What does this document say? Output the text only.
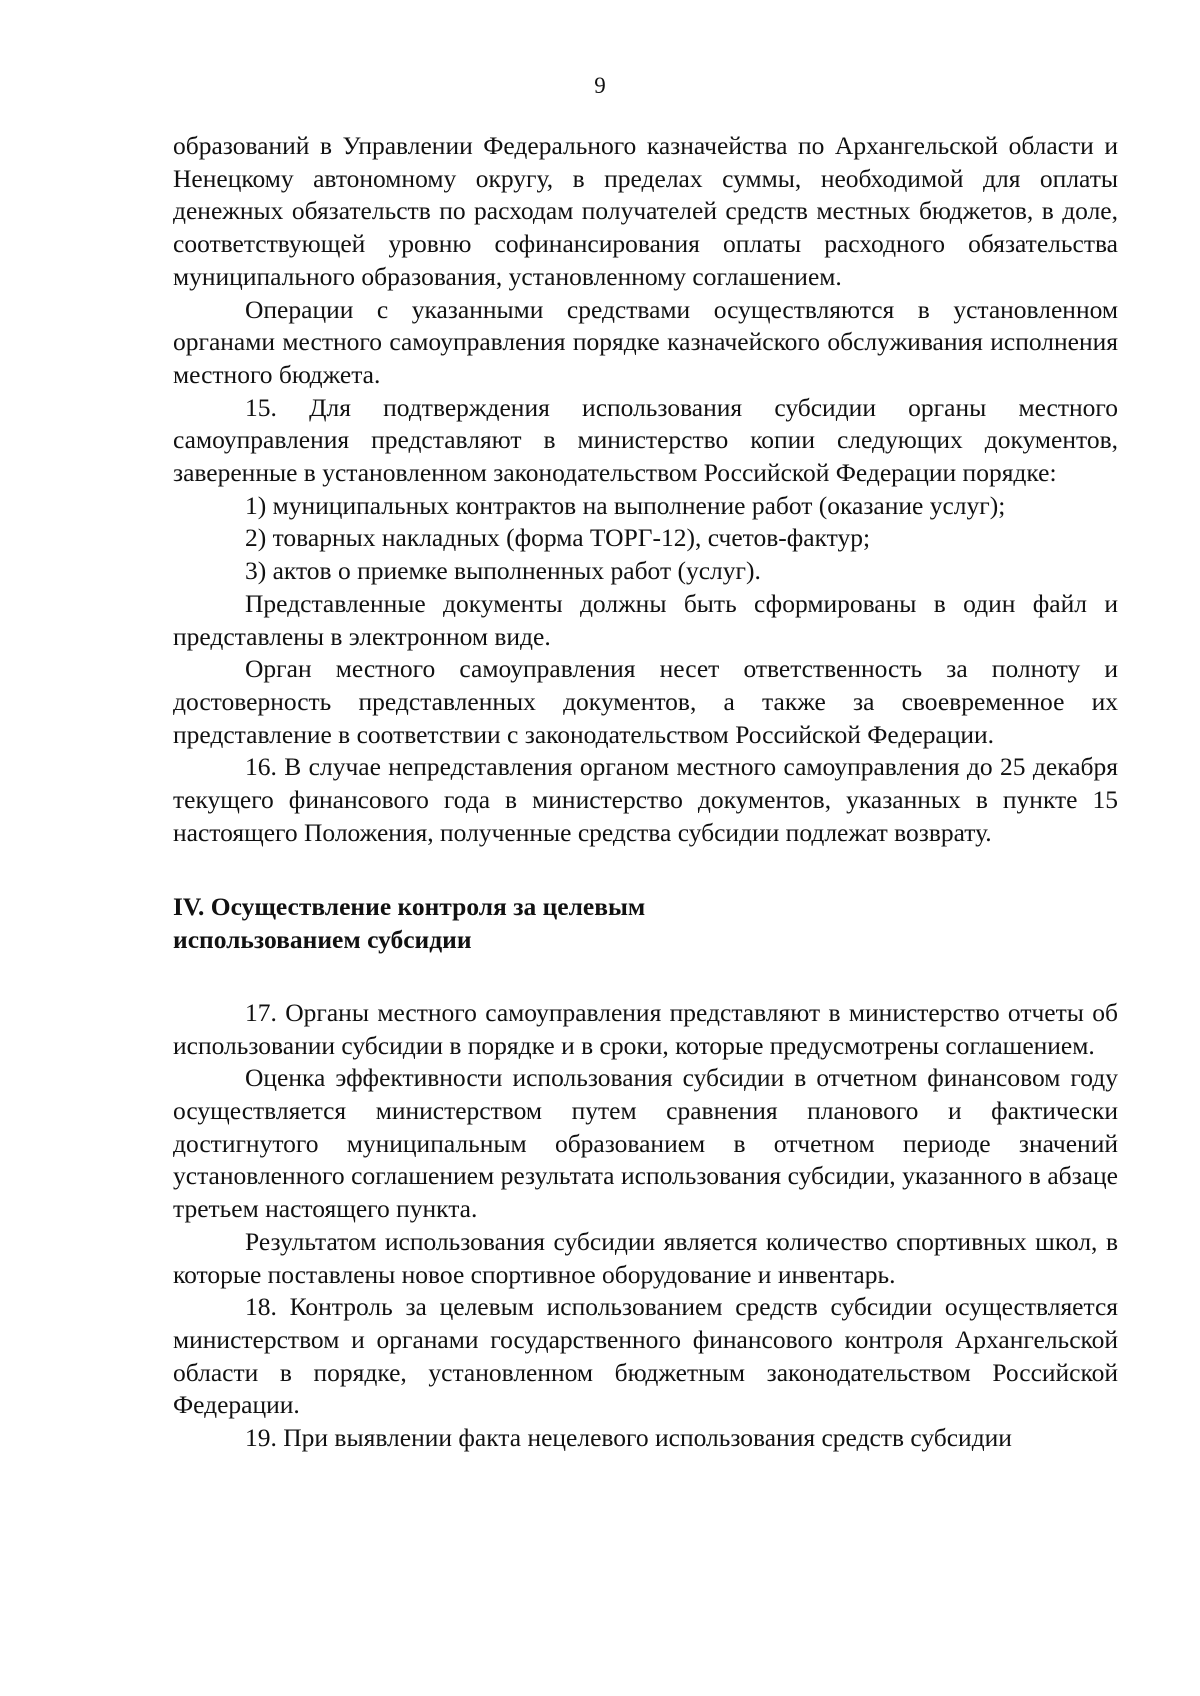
9

образований в Управлении Федерального казначейства по Архангельской области и Ненецкому автономному округу, в пределах суммы, необходимой для оплаты денежных обязательств по расходам получателей средств местных бюджетов, в доле, соответствующей уровню софинансирования оплаты расходного обязательства муниципального образования, установленному соглашением.

Операции с указанными средствами осуществляются в установленном органами местного самоуправления порядке казначейского обслуживания исполнения местного бюджета.

15. Для подтверждения использования субсидии органы местного самоуправления представляют в министерство копии следующих документов, заверенные в установленном законодательством Российской Федерации порядке:

1) муниципальных контрактов на выполнение работ (оказание услуг);

2) товарных накладных (форма ТОРГ-12), счетов-фактур;

3) актов о приемке выполненных работ (услуг).

Представленные документы должны быть сформированы в один файл и представлены в электронном виде.

Орган местного самоуправления несет ответственность за полноту и достоверность представленных документов, а также за своевременное их представление в соответствии с законодательством Российской Федерации.

16. В случае непредставления органом местного самоуправления до 25 декабря текущего финансового года в министерство документов, указанных в пункте 15 настоящего Положения, полученные средства субсидии подлежат возврату.

IV. Осуществление контроля за целевым
использованием субсидии

17. Органы местного самоуправления представляют в министерство отчеты об использовании субсидии в порядке и в сроки, которые предусмотрены соглашением.

Оценка эффективности использования субсидии в отчетном финансовом году осуществляется министерством путем сравнения планового и фактически достигнутого муниципальным образованием в отчетном периоде значений установленного соглашением результата использования субсидии, указанного в абзаце третьем настоящего пункта.

Результатом использования субсидии является количество спортивных школ, в которые поставлены новое спортивное оборудование и инвентарь.

18. Контроль за целевым использованием средств субсидии осуществляется министерством и органами государственного финансового контроля Архангельской области в порядке, установленном бюджетным законодательством Российской Федерации.

19. При выявлении факта нецелевого использования средств субсидии
